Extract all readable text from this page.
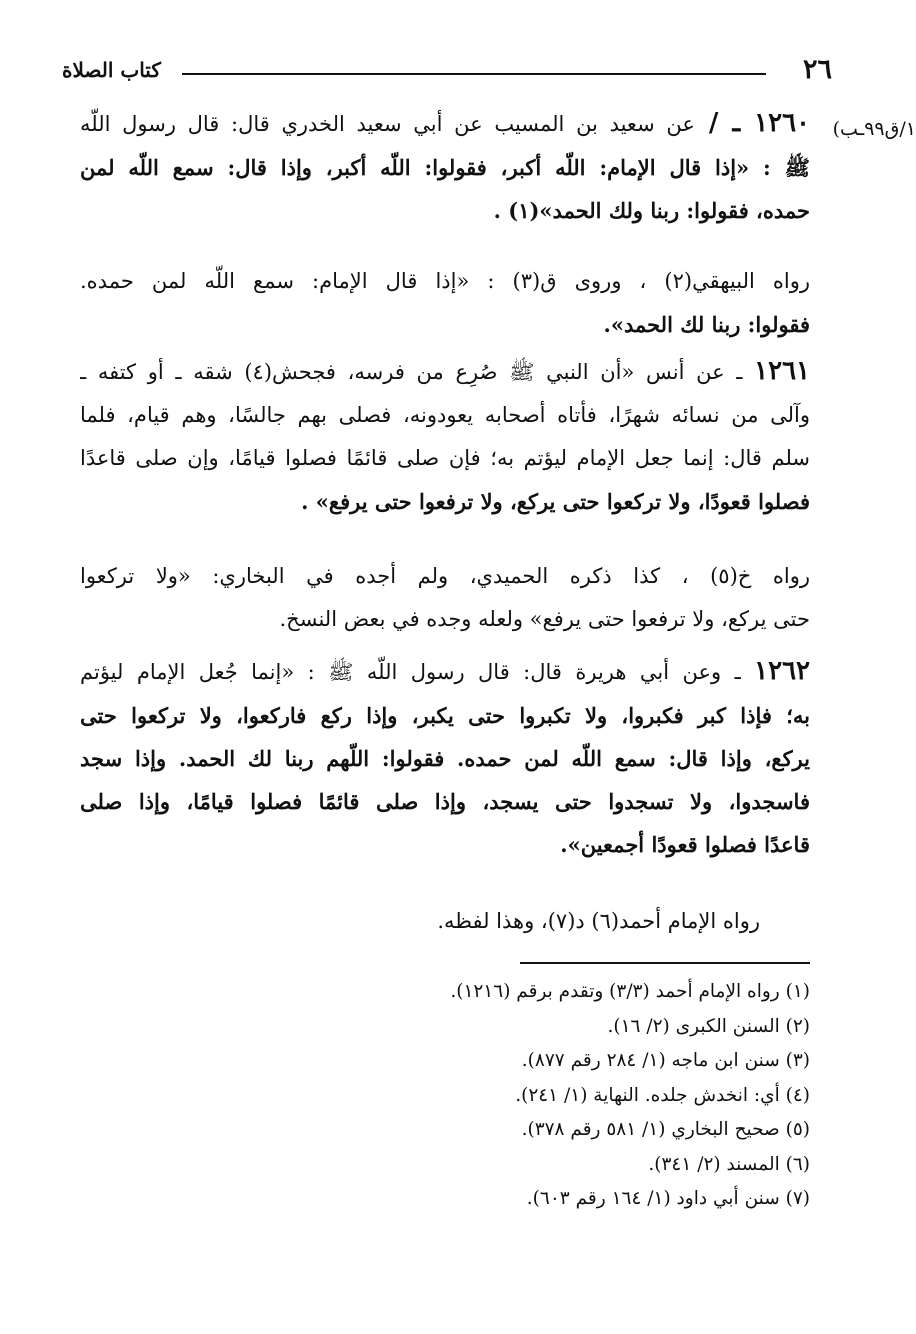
كتاب الصلاة	٢٦
١/ق٩٩ـب)
١٢٦٠ ـ / عن سعيد بن المسيب عن أبي سعيد الخدري قال: قال رسول اللّه
ﷺ : «إذا قال الإمام: اللّه أكبر، فقولوا: اللّه أكبر، وإذا قال: سمع اللّه لمن
حمده، فقولوا: ربنا ولك الحمد»(١) .
رواه البيهقي(٢) ، وروى ق(٣) : «إذا قال الإمام: سمع اللّه لمن حمده.
فقولوا: ربنا لك الحمد».
١٢٦١ ـ عن أنس «أن النبي ﷺ صُرِع من فرسه، فجحش(٤) شقه ـ أو كتفه ـ
وآلى من نسائه شهرًا، فأتاه أصحابه يعودونه، فصلى بهم جالسًا، وهم قيام، فلما
سلم قال: إنما جعل الإمام ليؤتم به؛ فإن صلى قائمًا فصلوا قيامًا، وإن صلى قاعدًا
فصلوا قعودًا، ولا تركعوا حتى يركع، ولا ترفعوا حتى يرفع» .
رواه خ(٥) ، كذا ذكره الحميدي، ولم أجده في البخاري: «ولا تركعوا
حتى يركع، ولا ترفعوا حتى يرفع» ولعله وجده في بعض النسخ.
١٢٦٢ ـ وعن أبي هريرة قال: قال رسول اللّه ﷺ : «إنما جُعل الإمام ليؤتم
به؛ فإذا كبر فكبروا، ولا تكبروا حتى يكبر، وإذا ركع فاركعوا، ولا تركعوا حتى
يركع، وإذا قال: سمع اللّه لمن حمده. فقولوا: اللّهم ربنا لك الحمد. وإذا سجد
فاسجدوا، ولا تسجدوا حتى يسجد، وإذا صلى قائمًا فصلوا قيامًا، وإذا صلى
قاعدًا فصلوا قعودًا أجمعين».
رواه الإمام أحمد(٦) د(٧)، وهذا لفظه.
(١) رواه الإمام أحمد (٣/٣) وتقدم برقم (١٢١٦).
(٢) السنن الكبرى (٢/ ١٦).
(٣) سنن ابن ماجه (١/ ٢٨٤ رقم ٨٧٧).
(٤) أي: انخدش جلده. النهاية (١/ ٢٤١).
(٥) صحيح البخاري (١/ ٥٨١ رقم ٣٧٨).
(٦) المسند (٢/ ٣٤١).
(٧) سنن أبي داود (١/ ١٦٤ رقم ٦٠٣).
